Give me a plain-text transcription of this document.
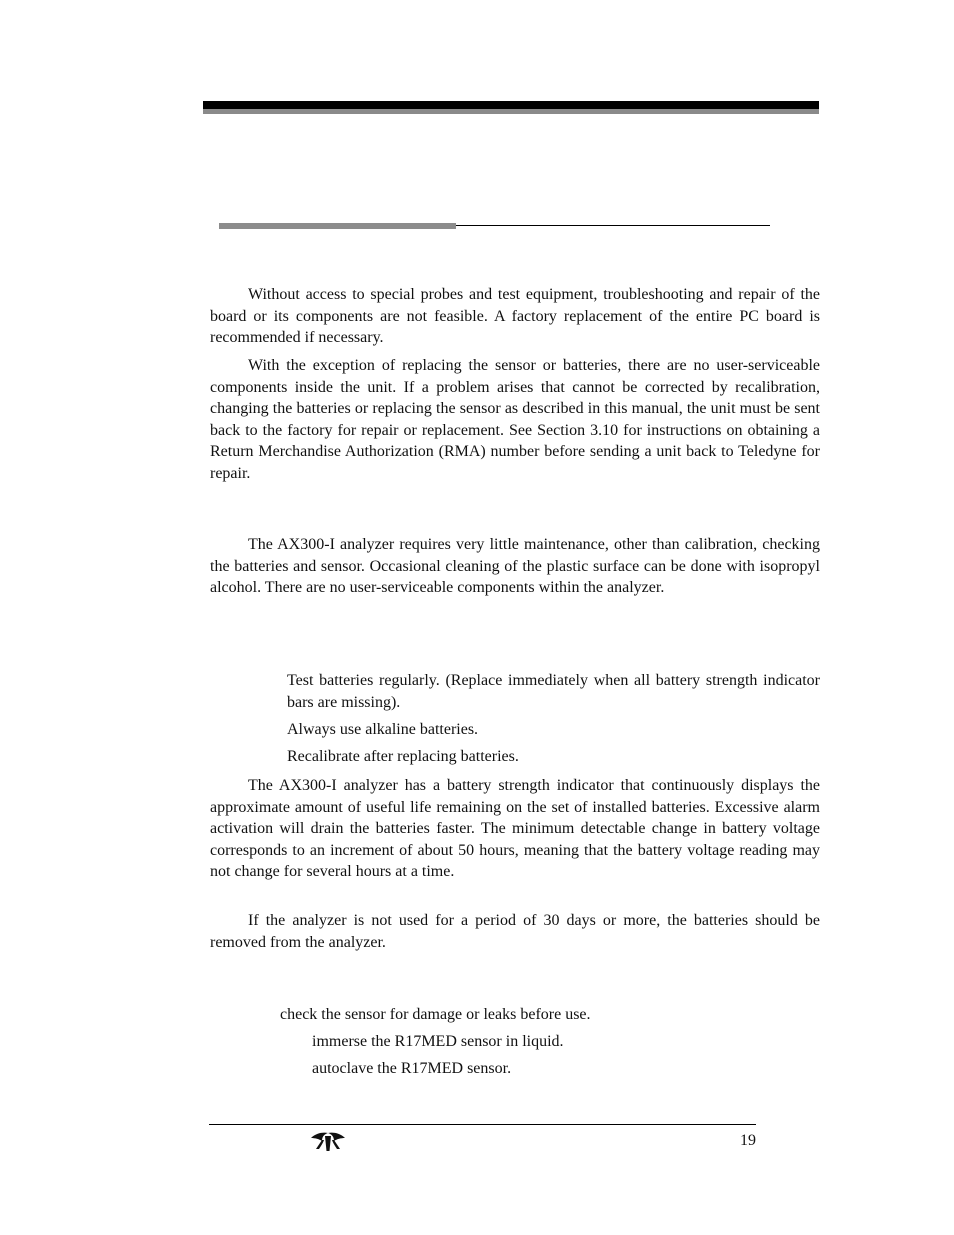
Without access to special probes and test equipment, troubleshooting and repair of the board or its components are not feasible. A factory replacement of the entire PC board is recommended if necessary.

With the exception of replacing the sensor or batteries, there are no user-serviceable components inside the unit. If a problem arises that cannot be corrected by recalibration, changing the batteries or replacing the sensor as described in this manual, the unit must be sent back to the factory for repair or replacement. See Section 3.10 for instructions on obtaining a Return Merchandise Authorization (RMA) number before sending a unit back to Teledyne for repair.

The AX300-I analyzer requires very little maintenance, other than calibration, checking the batteries and sensor. Occasional cleaning of the plastic surface can be done with isopropyl alcohol. There are no user-serviceable components within the analyzer.

Test batteries regularly. (Replace immediately when all battery strength indicator bars are missing).

Always use alkaline batteries.

Recalibrate after replacing batteries.

The AX300-I analyzer has a battery strength indicator that continuously displays the approximate amount of useful life remaining on the set of installed batteries. Excessive alarm activation will drain the batteries faster. The minimum detectable change in battery voltage corresponds to an increment of about 50 hours, meaning that the battery voltage reading may not change for several hours at a time.

If the analyzer is not used for a period of 30 days or more, the batteries should be removed from the analyzer.

check the sensor for damage or leaks before use.

immerse the R17MED sensor in liquid.

autoclave the R17MED sensor.

19
